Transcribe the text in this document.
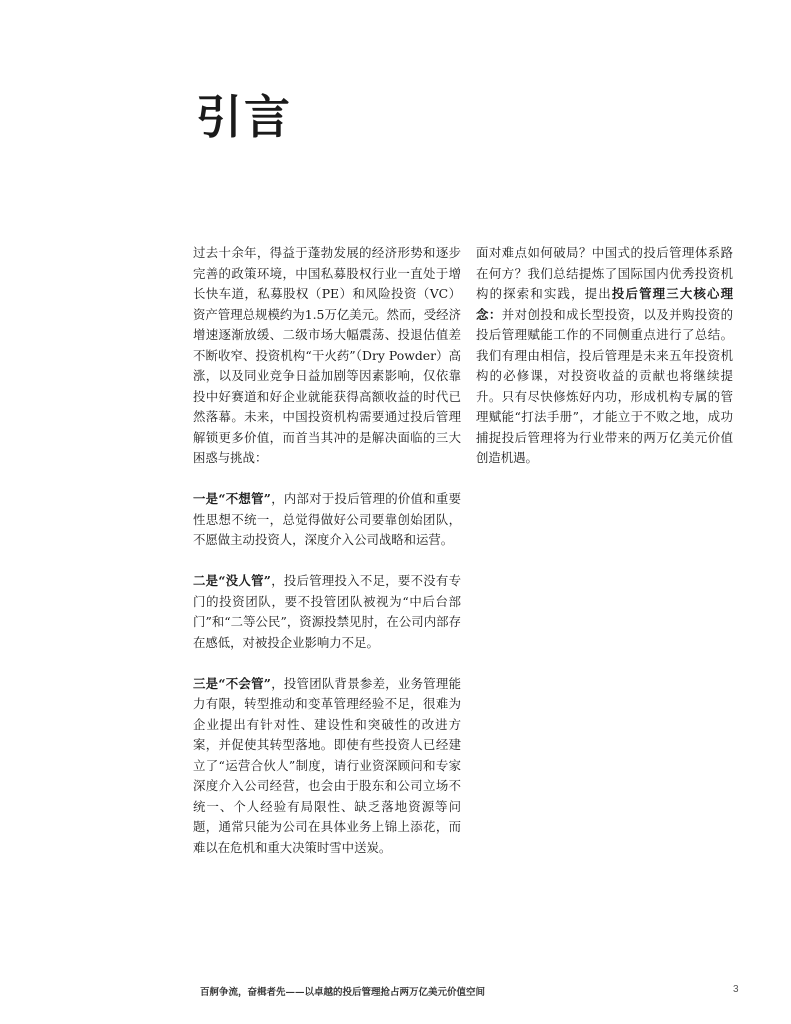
引言

过去十余年，得益于蓬勃发展的经济形势和逐步完善的政策环境，中国私募股权行业一直处于增长快车道，私募股权（PE）和风险投资（VC）资产管理总规模约为1.5万亿美元。然而，受经济增速逐渐放缓、二级市场大幅震荡、投退估值差不断收窄、投资机构“干火药”（Dry Powder）高涨，以及同业竞争日益加剧等因素影响，仅依靠投中好赛道和好企业就能获得高额收益的时代已然落幕。未来，中国投资机构需要通过投后管理解锁更多价值，而首当其冲的是解决面临的三大困惑与挑战：

一是“不想管”，内部对于投后管理的价值和重要性思想不统一，总觉得做好公司要靠创始团队，不愿做主动投资人，深度介入公司战略和运营。

二是“没人管”，投后管理投入不足，要不没有专门的投资团队，要不投管团队被视为“中后台部门”和“二等公民”，资源投禁见肘，在公司内部存在感低，对被投企业影响力不足。

三是“不会管”，投管团队背景参差，业务管理能力有限，转型推动和变革管理经验不足，很难为企业提出有针对性、建设性和突破性的改进方案，并促使其转型落地。即使有些投资人已经建立了“运营合伙人”制度，请行业资深顾问和专家深度介入公司经营，也会由于股东和公司立场不统一、个人经验有局限性、缺乏落地资源等问题，通常只能为公司在具体业务上锦上添花，而难以在危机和重大决策时雪中送炭。

面对难点如何破局？中国式的投后管理体系路在何方？我们总结提炼了国际国内优秀投资机构的探索和实践，提出投后管理三大核心理念：并对创投和成长型投资，以及并购投资的投后管理赋能工作的不同侧重点进行了总结。我们有理由相信，投后管理是未来五年投资机构的必修课，对投资收益的贡献也将继续提升。只有尽快修炼好内功，形成机构专属的管理赋能“打法手册”，才能立于不败之地，成功捕捉投后管理将为行业带来的两万亿美元价值创造机遇。

百舸争流，奋楫者先——以卓越的投后管理抢占两万亿美元价值空间	3
